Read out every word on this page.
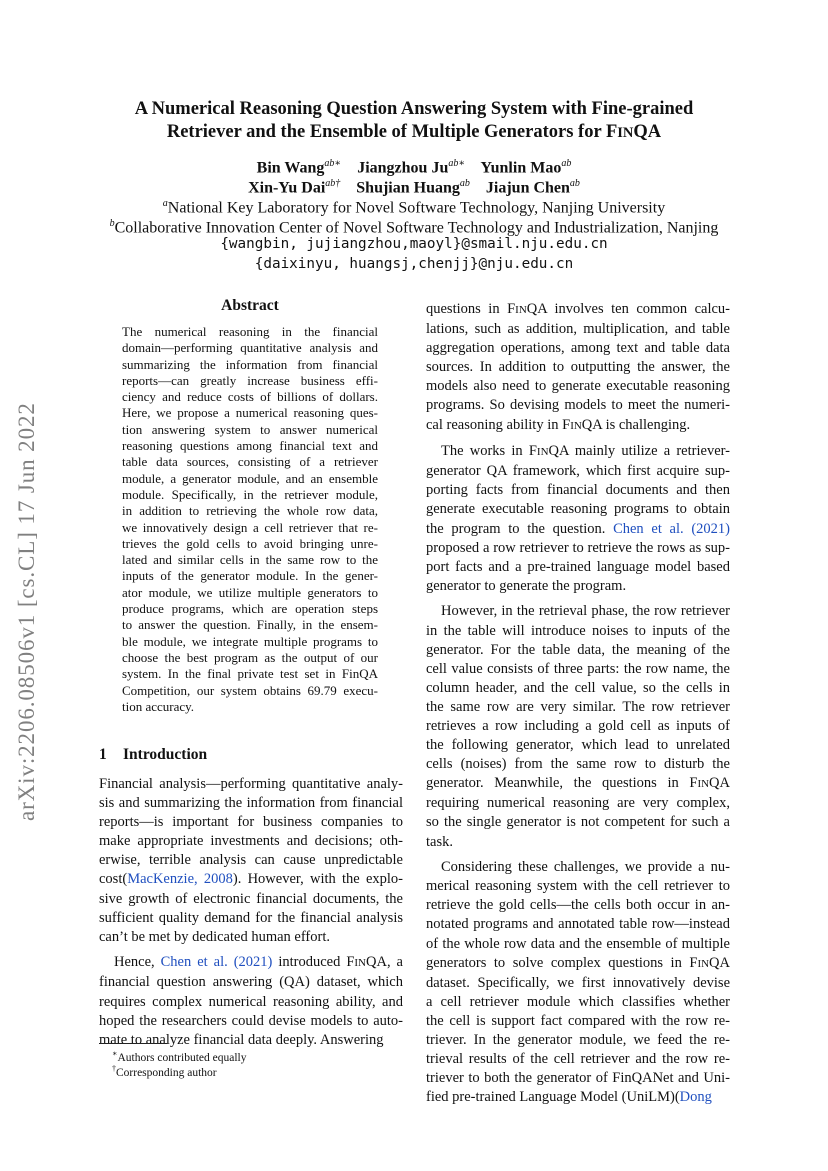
arXiv:2206.08506v1 [cs.CL] 17 Jun 2022
A Numerical Reasoning Question Answering System with Fine-grained
Retriever and the Ensemble of Multiple Generators for FINQA
Bin Wang$^{ab∗}$ Jiangzhou $Ju^{ab∗}$ Yunlin Mao$^{ab}$
Xin-Yu Dai$^{ab\dagger}$ Shujian Huang$^{ab}$ Jiajun Chen$^{ab}$
$^a$National Key Laboratory for Novel Software Technology, Nanjing University
$^b$Collaborative Innovation Center of Novel Software Technology and Industrialization, Nanjing
{wangbin, jujiangzhou,maoyl}@smail.nju.edu.cn
{daixinyu, huangsj,chenjj}@nju.edu.cn
Abstract
The numerical reasoning in the financial
domain—performing quantitative analysis and
summarizing the information from financial
reports—can greatly increase business effi-
ciency and reduce costs of billions of dollars.
Here, we propose a numerical reasoning ques-
tion answering system to answer numerical
reasoning questions among financial text and
table data sources, consisting of a retriever
module, a generator module, and an ensemble
module. Specifically, in the retriever module,
in addition to retrieving the whole row data,
we innovatively design a cell retriever that re-
trieves the gold cells to avoid bringing unre-
lated and similar cells in the same row to the
inputs of the generator module. In the gener-
ator module, we utilize multiple generators to
produce programs, which are operation steps
to answer the question. Finally, in the ensem-
ble module, we integrate multiple programs to
choose the best program as the output of our
system. In the final private test set in FinQA
Competition, our system obtains 69.79 execu-
tion accuracy.
1 Introduction
Financial analysis—performing quantitative analy-
sis and summarizing the information from financial
reports—is important for business companies to
make appropriate investments and decisions; oth-
erwise, terrible analysis can cause unpredictable
cost(MacKenzie, 2008). However, with the explo-
sive growth of electronic financial documents, the
sufficient quality demand for the financial analysis
can’t be met by dedicated human effort.
Hence, Chen et al. (2021) introduced FINQA, a
financial question answering (QA) dataset, which
requires complex numerical reasoning ability, and
hoped the researchers could devise models to auto-
mate to analyze financial data deeply. Answering
questions in FINQA involves ten common calcu-
lations, such as addition, multiplication, and table
aggregation operations, among text and table data
sources. In addition to outputting the answer, the
models also need to generate executable reasoning
programs. So devising models to meet the numeri-
cal reasoning ability in FINQA is challenging.
The works in FINQA mainly utilize a retriever-
generator QA framework, which first acquire sup-
porting facts from financial documents and then
generate executable reasoning programs to obtain
the program to the question. Chen et al. (2021)
proposed a row retriever to retrieve the rows as sup-
port facts and a pre-trained language model based
generator to generate the program.
However, in the retrieval phase, the row retriever
in the table will introduce noises to inputs of the
generator. For the table data, the meaning of the
cell value consists of three parts: the row name, the
column header, and the cell value, so the cells in
the same row are very similar. The row retriever
retrieves a row including a gold cell as inputs of
the following generator, which lead to unrelated
cells (noises) from the same row to disturb the
generator. Meanwhile, the questions in FINQA
requiring numerical reasoning are very complex,
so the single generator is not competent for such a
task.
Considering these challenges, we provide a nu-
merical reasoning system with the cell retriever to
retrieve the gold cells—the cells both occur in an-
notated programs and annotated table row—instead
of the whole row data and the ensemble of multiple
generators to solve complex questions in FINQA
dataset. Specifically, we first innovatively devise
a cell retriever module which classifies whether
the cell is support fact compared with the row re-
triever. In the generator module, we feed the re-
trieval results of the cell retriever and the row re-
triever to both the generator of FinQANet and Uni-
fied pre-trained Language Model (UniLM)(Dong
∗Authors contributed equally
†Corresponding author
